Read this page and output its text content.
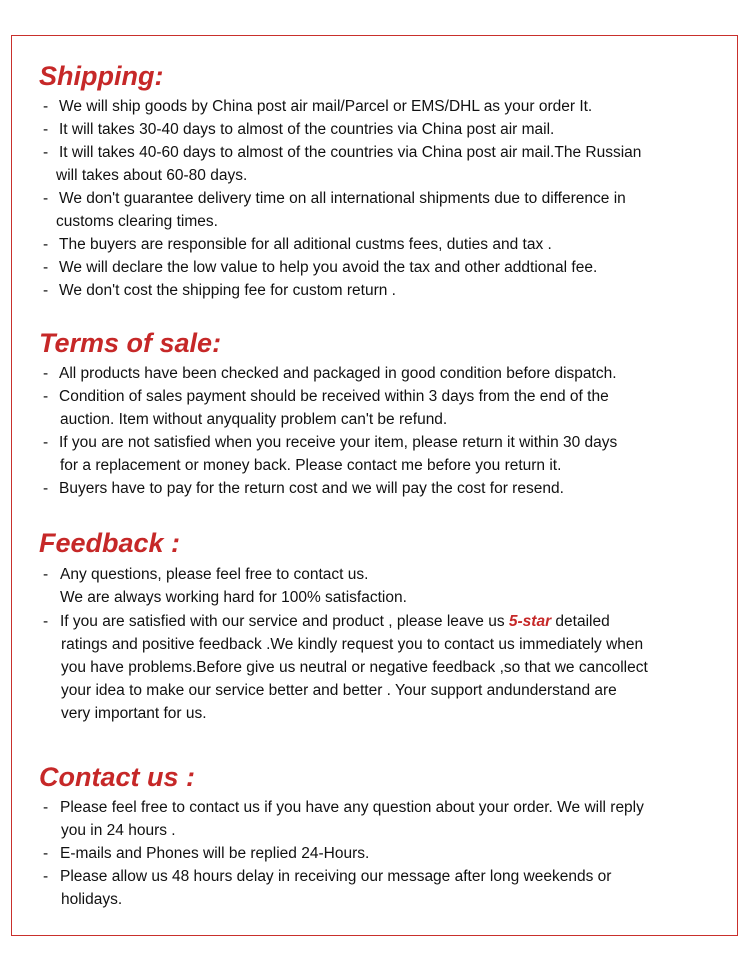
Shipping:
- We will ship goods by China post air mail/Parcel or EMS/DHL as your order It.
- It will takes 30-40 days to almost of the countries via China post air mail.
- It will takes 40-60 days to almost of the countries via China post air mail.The Russian
will takes about 60-80 days.
- We don't guarantee delivery time on all international shipments due to difference in
customs clearing times.
- The buyers are responsible for all aditional custms fees, duties and tax .
- We will declare the low value to help you avoid the tax and other addtional fee.
- We don't cost the shipping fee for custom return .
Terms of sale:
- All products have been checked and packaged in good condition before dispatch.
- Condition of sales payment should be received within 3 days from the end of the
auction. Item without anyquality problem can't be refund.
- If you are not satisfied when you receive your item, please return it within 30 days
for a replacement or money back. Please contact me before you return it.
- Buyers have to pay for the return cost and we will pay the cost for resend.
Feedback :
- Any questions, please feel free to contact us.
We are always working hard for 100% satisfaction.
- If you are satisfied with our service and product , please leave us 5-star detailed
ratings and positive feedback .We kindly request you to contact us immediately when
you have problems.Before give us neutral or negative feedback ,so that we cancollect
your idea to make our service better and better . Your support andunderstand are
very important for us.
Contact us :
- Please feel free to contact us if you have any question about your order. We will reply
you in 24 hours .
- E-mails and Phones will be replied 24-Hours.
- Please allow us 48 hours delay in receiving our message after long weekends or
holidays.
